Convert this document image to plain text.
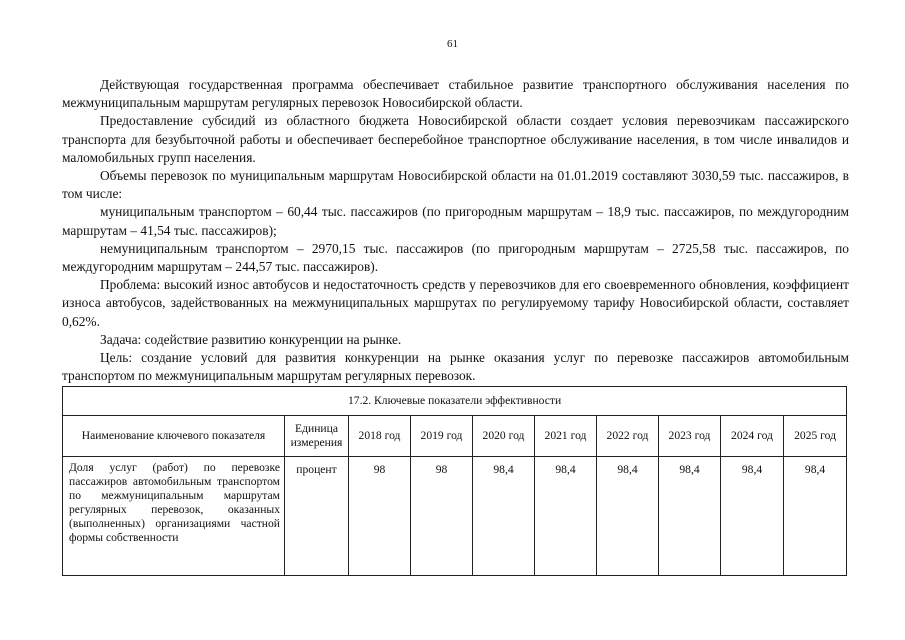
61

Действующая государственная программа обеспечивает стабильное развитие транспортного обслуживания населения по межмуниципальным маршрутам регулярных перевозок Новосибирской области.

Предоставление субсидий из областного бюджета Новосибирской области создает условия перевозчикам пассажирского транспорта для безубыточной работы и обеспечивает бесперебойное транспортное обслуживание населения, в том числе инвалидов и маломобильных групп населения.

Объемы перевозок по муниципальным маршрутам Новосибирской области на 01.01.2019 составляют 3030,59 тыс. пассажиров, в том числе:

муниципальным транспортом – 60,44 тыс. пассажиров (по пригородным маршрутам – 18,9 тыс. пассажиров, по междугородним маршрутам – 41,54 тыс. пассажиров);

немуниципальным транспортом – 2970,15 тыс. пассажиров (по пригородным маршрутам – 2725,58 тыс. пассажиров, по междугородним маршрутам – 244,57 тыс. пассажиров).

Проблема: высокий износ автобусов и недостаточность средств у перевозчиков для его своевременного обновления, коэффициент износа автобусов, задействованных на межмуниципальных маршрутах по регулируемому тарифу Новосибирской области, составляет 0,62%.

Задача: содействие развитию конкуренции на рынке.

Цель: создание условий для развития конкуренции на рынке оказания услуг по перевозке пассажиров автомобильным транспортом по межмуниципальным маршрутам регулярных перевозок.

17.2. Ключевые показатели эффективности									
Наименование ключевого показателя	Единица измерения	2018 год	2019 год	2020 год	2021 год	2022 год	2023 год	2024 год	2025 год
Доля услуг (работ) по перевозке пассажиров автомобильным транспортом по межмуниципальным маршрутам регулярных перевозок, оказанных (выполненных) организациями частной формы собственности	процент	98	98	98,4	98,4	98,4	98,4	98,4	98,4
